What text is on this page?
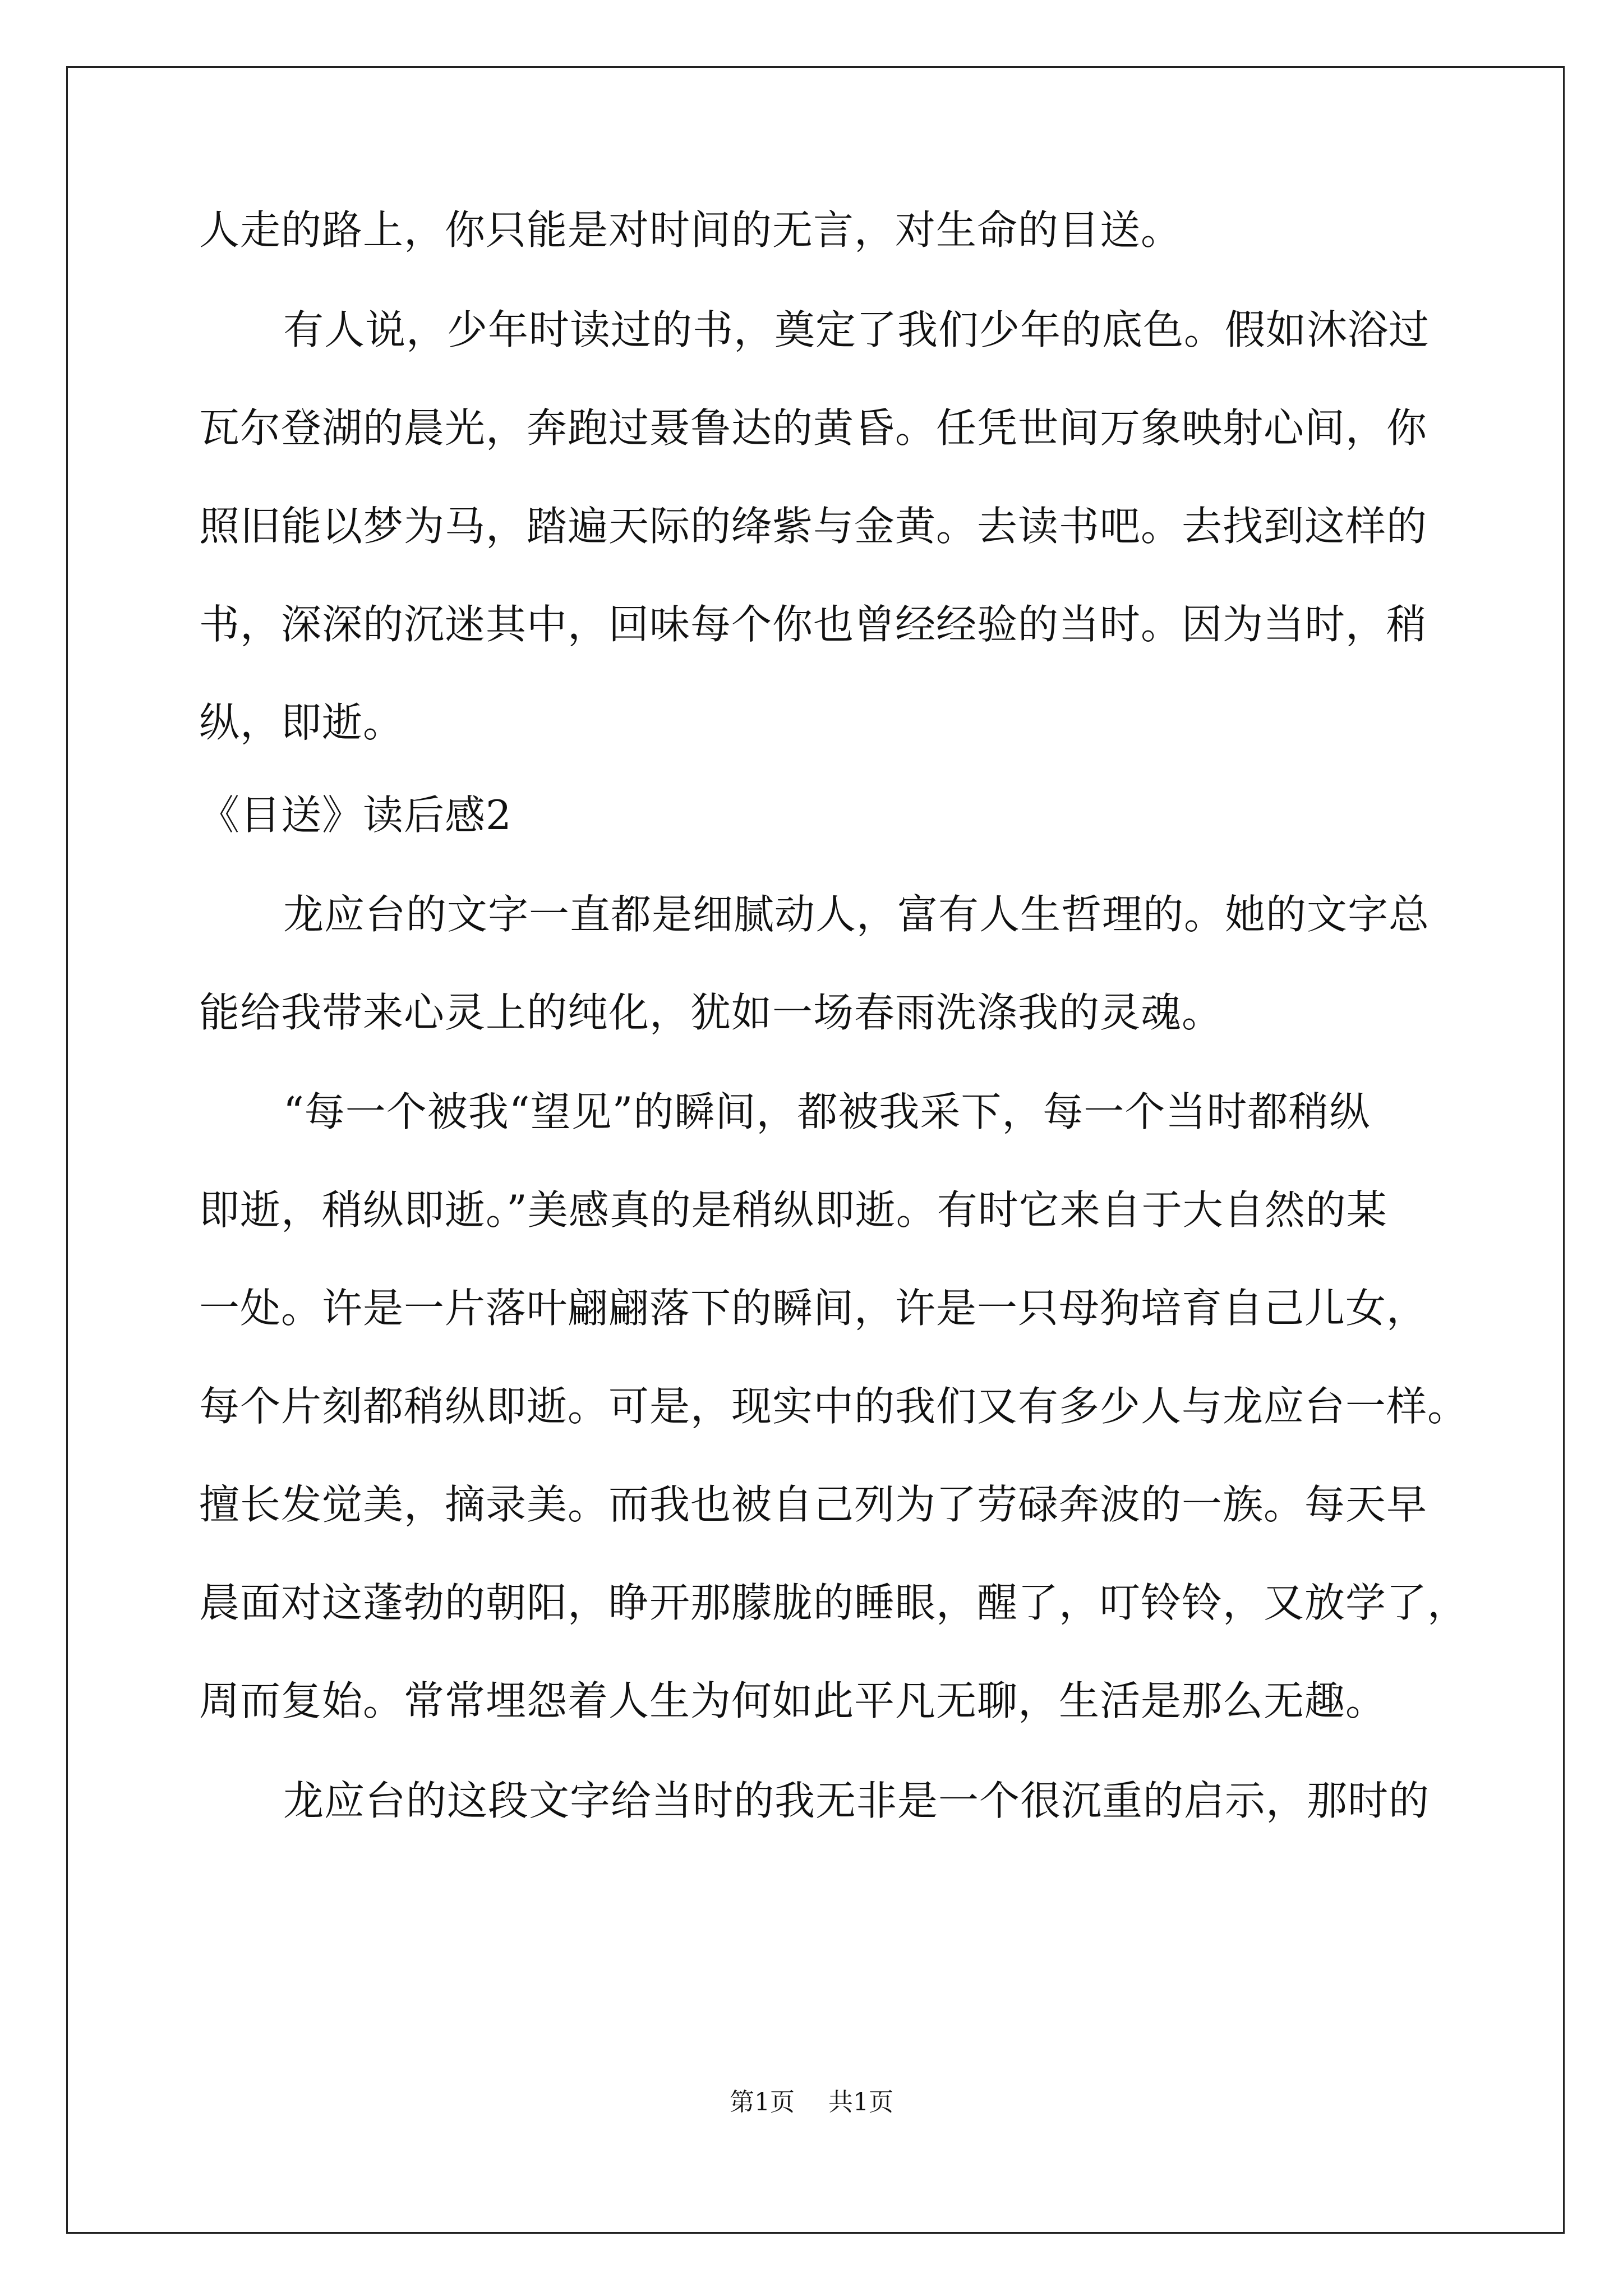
人走的路上，你只能是对时间的无言，对生命的目送。
有人说，少年时读过的书，奠定了我们少年的底色。假如沐浴过
瓦尔登湖的晨光，奔跑过聂鲁达的黄昏。任凭世间万象映射心间，你
照旧能以梦为马，踏遍天际的绛紫与金黄。去读书吧。去找到这样的
书，深深的沉迷其中，回味每个你也曾经经验的当时。因为当时，稍
纵，即逝。
《目送》读后感2
龙应台的文字一直都是细腻动人，富有人生哲理的。她的文字总
能给我带来心灵上的纯化，犹如一场春雨洗涤我的灵魂。
“每一个被我“望见”的瞬间，都被我采下，每一个当时都稍纵
即逝，稍纵即逝。”美感真的是稍纵即逝。有时它来自于大自然的某
一处。许是一片落叶翩翩落下的瞬间，许是一只母狗培育自己儿女，
每个片刻都稍纵即逝。可是，现实中的我们又有多少人与龙应台一样。
擅长发觉美，摘录美。而我也被自己列为了劳碌奔波的一族。每天早
晨面对这蓬勃的朝阳，睁开那朦胧的睡眼，醒了，叮铃铃，又放学了，
周而复始。常常埋怨着人生为何如此平凡无聊，生活是那么无趣。
龙应台的这段文字给当时的我无非是一个很沉重的启示，那时的
第1页 共1页
